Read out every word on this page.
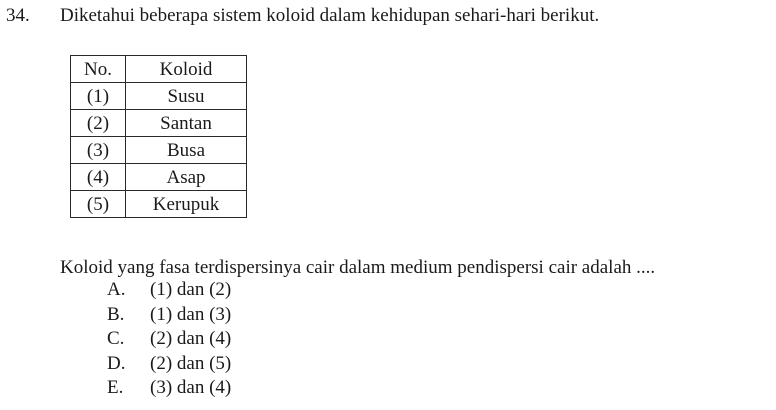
34. Diketahui beberapa sistem koloid dalam kehidupan sehari-hari berikut.
No.	Koloid
(1)	Susu
(2)	Santan
(3)	Busa
(4)	Asap
(5)	Kerupuk
Koloid yang fasa terdispersinya cair dalam medium pendispersi cair adalah ....
A.	(1) dan (2)
B.	(1) dan (3)
C.	(2) dan (4)
D.	(2) dan (5)
E.	(3) dan (4)
